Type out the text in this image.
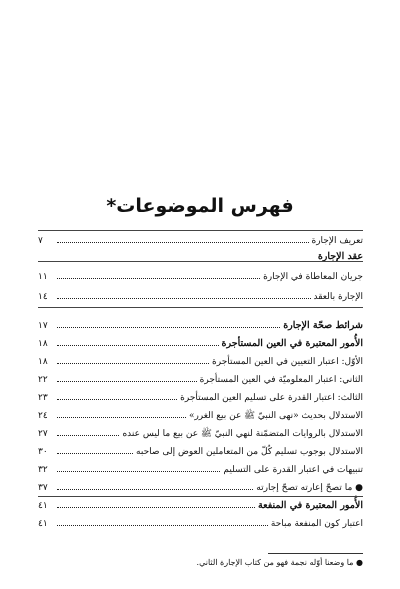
فهرس الموضوعات*
تعريف الإجارة
٧
عقد الإجارة
جريان المعاطاة في الإجارة
١١
الإجارة بالعقد
١٤
شرائط صحّة الإجارة
١٧
الأُمور المعتبرة في العين المستأجرة
١٨
الأوّل: اعتبار التعيين في العين المستأجرة
١٨
الثاني: اعتبار المعلوميّة في العين المستأجرة
٢٢
الثالث: اعتبار القدرة على تسليم العين المستأجرة
٢٣
الاستدلال بحديث «نهى النبيّ ﷺ عن بيع الغرر»
٢٤
الاستدلال بالروايات المتضمّنة لنهي النبيّ ﷺ عن بيع ما ليس عنده
٢٧
الاستدلال بوجوب تسليم كُلّ من المتعاملين العوض إلى صاحبه
٣٠
تنبيهات في اعتبار القدرة على التسليم
٣٢
● ما تصحّ إعارته تصحّ إجارته
٣٧
الأُمور المعتبرة في المنفعة
٤١
اعتبار كون المنفعة مباحة
٤١
● ما وضعنا أوّله نجمة فهو من كتاب الإجارة الثاني.
